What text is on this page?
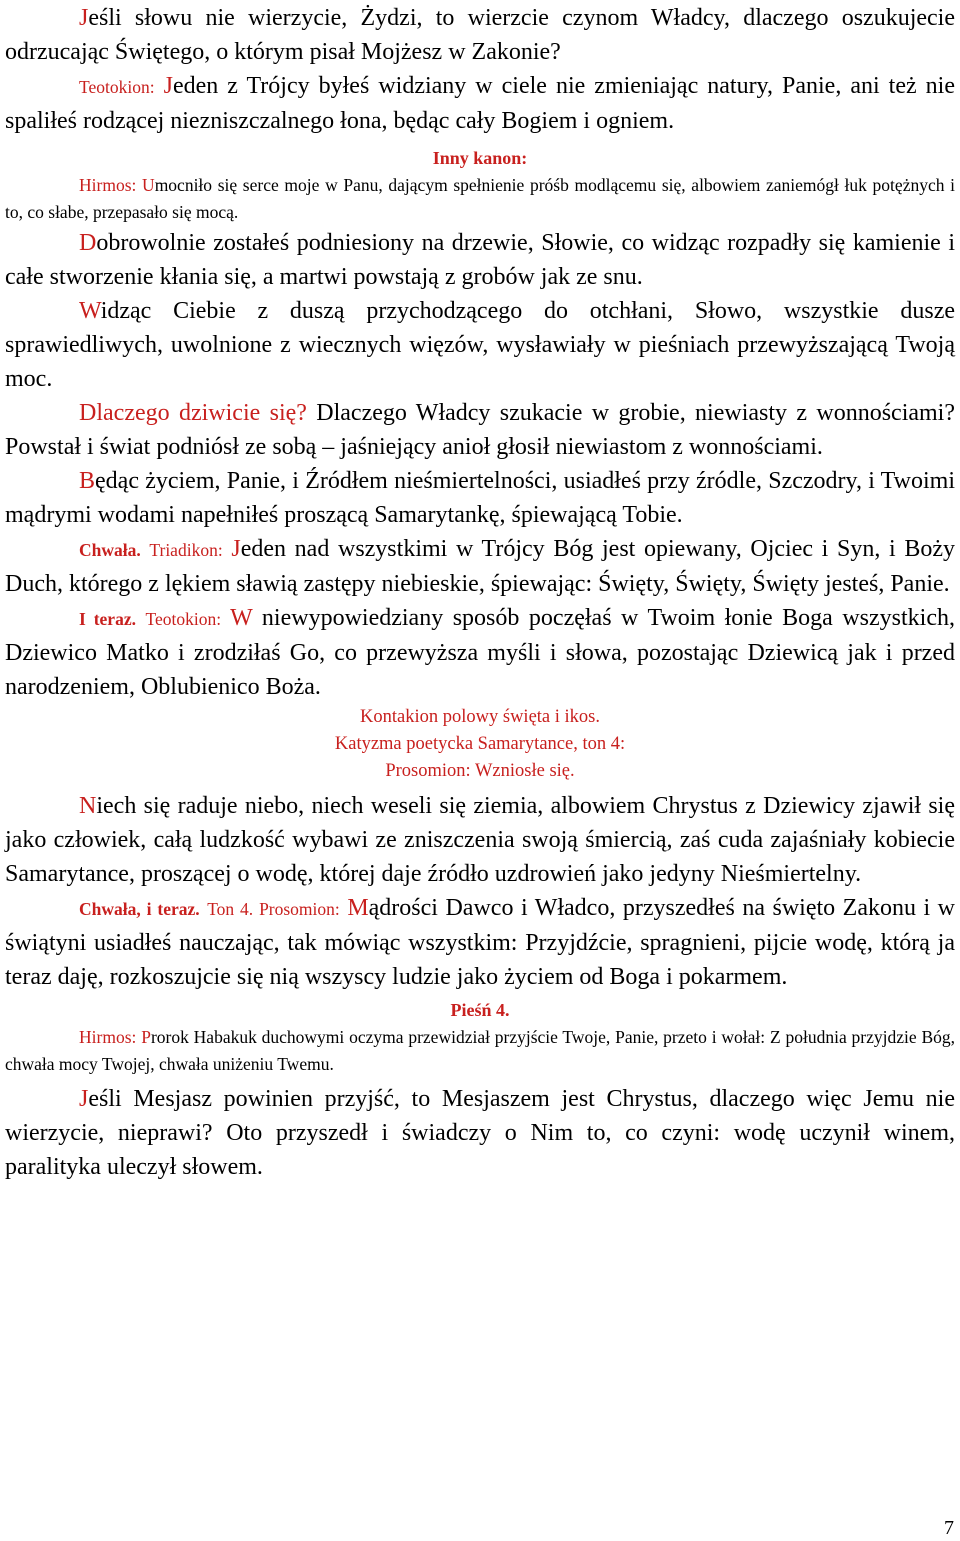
Jeśli słowu nie wierzycie, Żydzi, to wierzcie czynom Władcy, dlaczego oszukujecie odrzucając Świętego, o którym pisał Mojżesz w Zakonie?

Teotokion: Jeden z Trójcy byłeś widziany w ciele nie zmieniając natury, Panie, ani też nie spaliłeś rodzącej niezniszczalnego łona, będąc cały Bogiem i ogniem.

Inny kanon:

Hirmos: Umocniło się serce moje w Panu, dającym spełnienie próśb modlącemu się, albowiem zaniemógł łuk potężnych i to, co słabe, przepasało się mocą.

Dobrowolnie zostałeś podniesiony na drzewie, Słowie, co widząc rozpadły się kamienie i całe stworzenie kłania się, a martwi powstają z grobów jak ze snu.

Widząc Ciebie z duszą przychodzącego do otchłani, Słowo, wszystkie dusze sprawiedliwych, uwolnione z wiecznych więzów, wysławiały w pieśniach przewyższającą Twoją moc.

Dlaczego dziwicie się? Dlaczego Władcy szukacie w grobie, niewiasty z wonnościami? Powstał i świat podniósł ze sobą – jaśniejący anioł głosił niewiastom z wonnościami.

Będąc życiem, Panie, i Źródłem nieśmiertelności, usiadłeś przy źródle, Szczodry, i Twoimi mądrymi wodami napełniłeś proszącą Samarytankę, śpiewającą Tobie.

Chwała. Triadikon: Jeden nad wszystkimi w Trójcy Bóg jest opiewany, Ojciec i Syn, i Boży Duch, którego z lękiem sławią zastępy niebieskie, śpiewając: Święty, Święty, Święty jesteś, Panie.

I teraz. Teotokion: W niewypowiedziany sposób poczęłaś w Twoim łonie Boga wszystkich, Dziewico Matko i zrodziłaś Go, co przewyższa myśli i słowa, pozostając Dziewicą jak i przed narodzeniem, Oblubienico Boża.

Kontakion polowy święta i ikos.

Katyzma poetycka Samarytance, ton 4:

Prosomion: Wzniosłe się.

Niech się raduje niebo, niech weseli się ziemia, albowiem Chrystus z Dziewicy zjawił się jako człowiek, całą ludzkość wybawi ze zniszczenia swoją śmiercią, zaś cuda zajaśniały kobiecie Samarytance, proszącej o wodę, której daje źródło uzdrowień jako jedyny Nieśmiertelny.

Chwała, i teraz. Ton 4. Prosomion: Mądrości Dawco i Władco, przyszedłeś na święto Zakonu i w świątyni usiadłeś nauczając, tak mówiąc wszystkim: Przyjdźcie, spragnieni, pijcie wodę, którą ja teraz daję, rozkoszujcie się nią wszyscy ludzie jako życiem od Boga i pokarmem.

Pieśń 4.

Hirmos: Prorok Habakuk duchowymi oczyma przewidział przyjście Twoje, Panie, przeto i wołał: Z południa przyjdzie Bóg, chwała mocy Twojej, chwała uniżeniu Twemu.

Jeśli Mesjasz powinien przyjść, to Mesjaszem jest Chrystus, dlaczego więc Jemu nie wierzycie, nieprawi? Oto przyszedł i świadczy o Nim to, co czyni: wodę uczynił winem, paralityka uleczył słowem.

7
